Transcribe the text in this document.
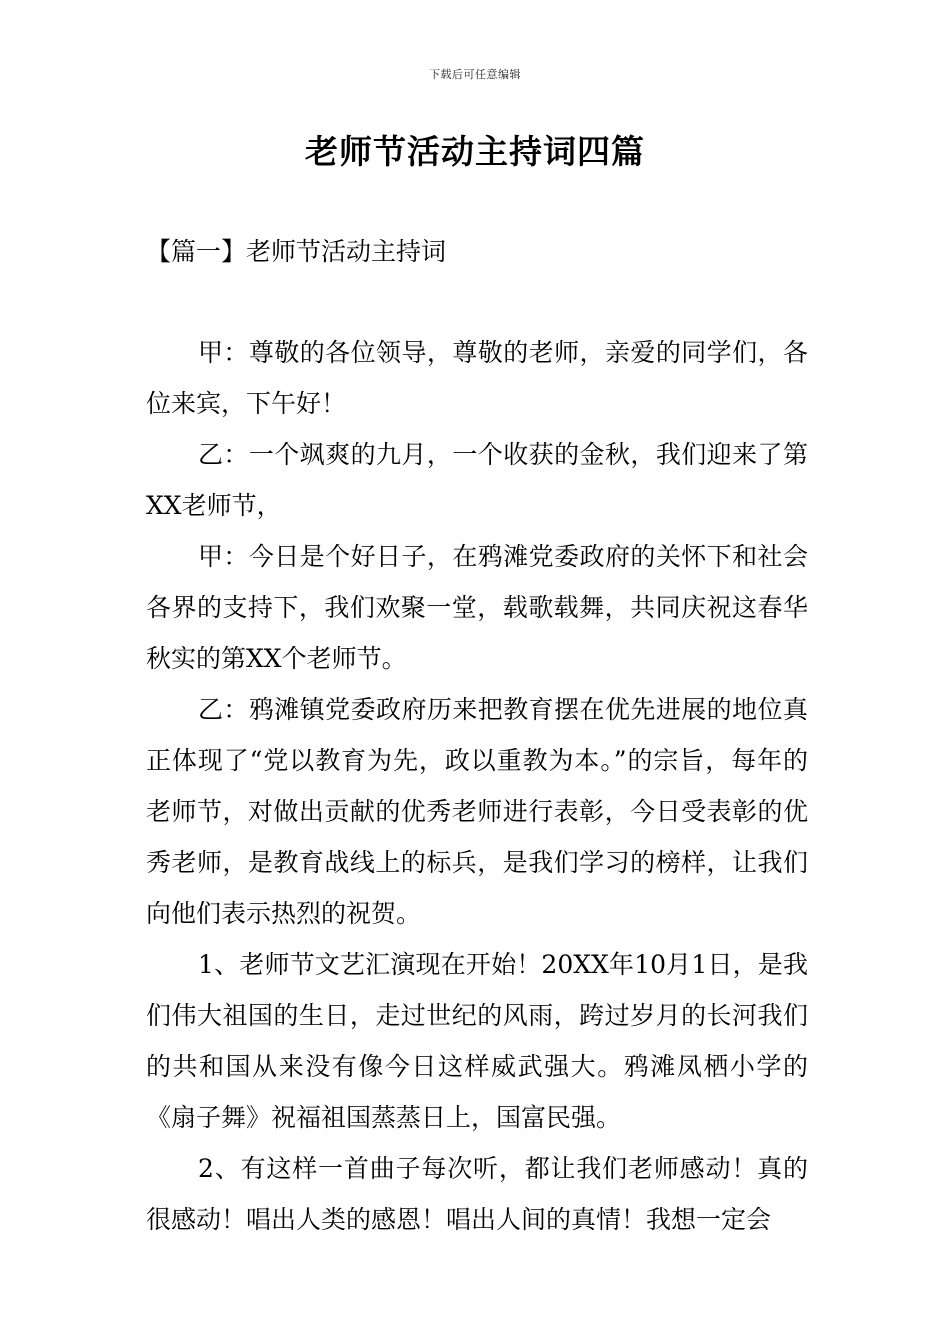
下载后可任意编辑
老师节活动主持词四篇
【篇一】老师节活动主持词

甲：尊敬的各位领导，尊敬的老师，亲爱的同学们，各位来宾，下午好！

乙：一个飒爽的九月，一个收获的金秋，我们迎来了第XX老师节，

甲：今日是个好日子，在鸦滩党委政府的关怀下和社会各界的支持下，我们欢聚一堂，载歌载舞，共同庆祝这春华秋实的第XX个老师节。

乙：鸦滩镇党委政府历来把教育摆在优先进展的地位真正体现了“党以教育为先，政以重教为本。”的宗旨，每年的老师节，对做出贡献的优秀老师进行表彰，今日受表彰的优秀老师，是教育战线上的标兵，是我们学习的榜样，让我们向他们表示热烈的祝贺。

1、老师节文艺汇演现在开始！20XX年10月1日，是我们伟大祖国的生日，走过世纪的风雨，跨过岁月的长河我们的共和国从来没有像今日这样威武强大。鸦滩凤栖小学的《扇子舞》祝福祖国蒸蒸日上，国富民强。

2、有这样一首曲子每次听，都让我们老师感动！真的很感动！唱出人类的感恩！唱出人间的真情！我想一定会
